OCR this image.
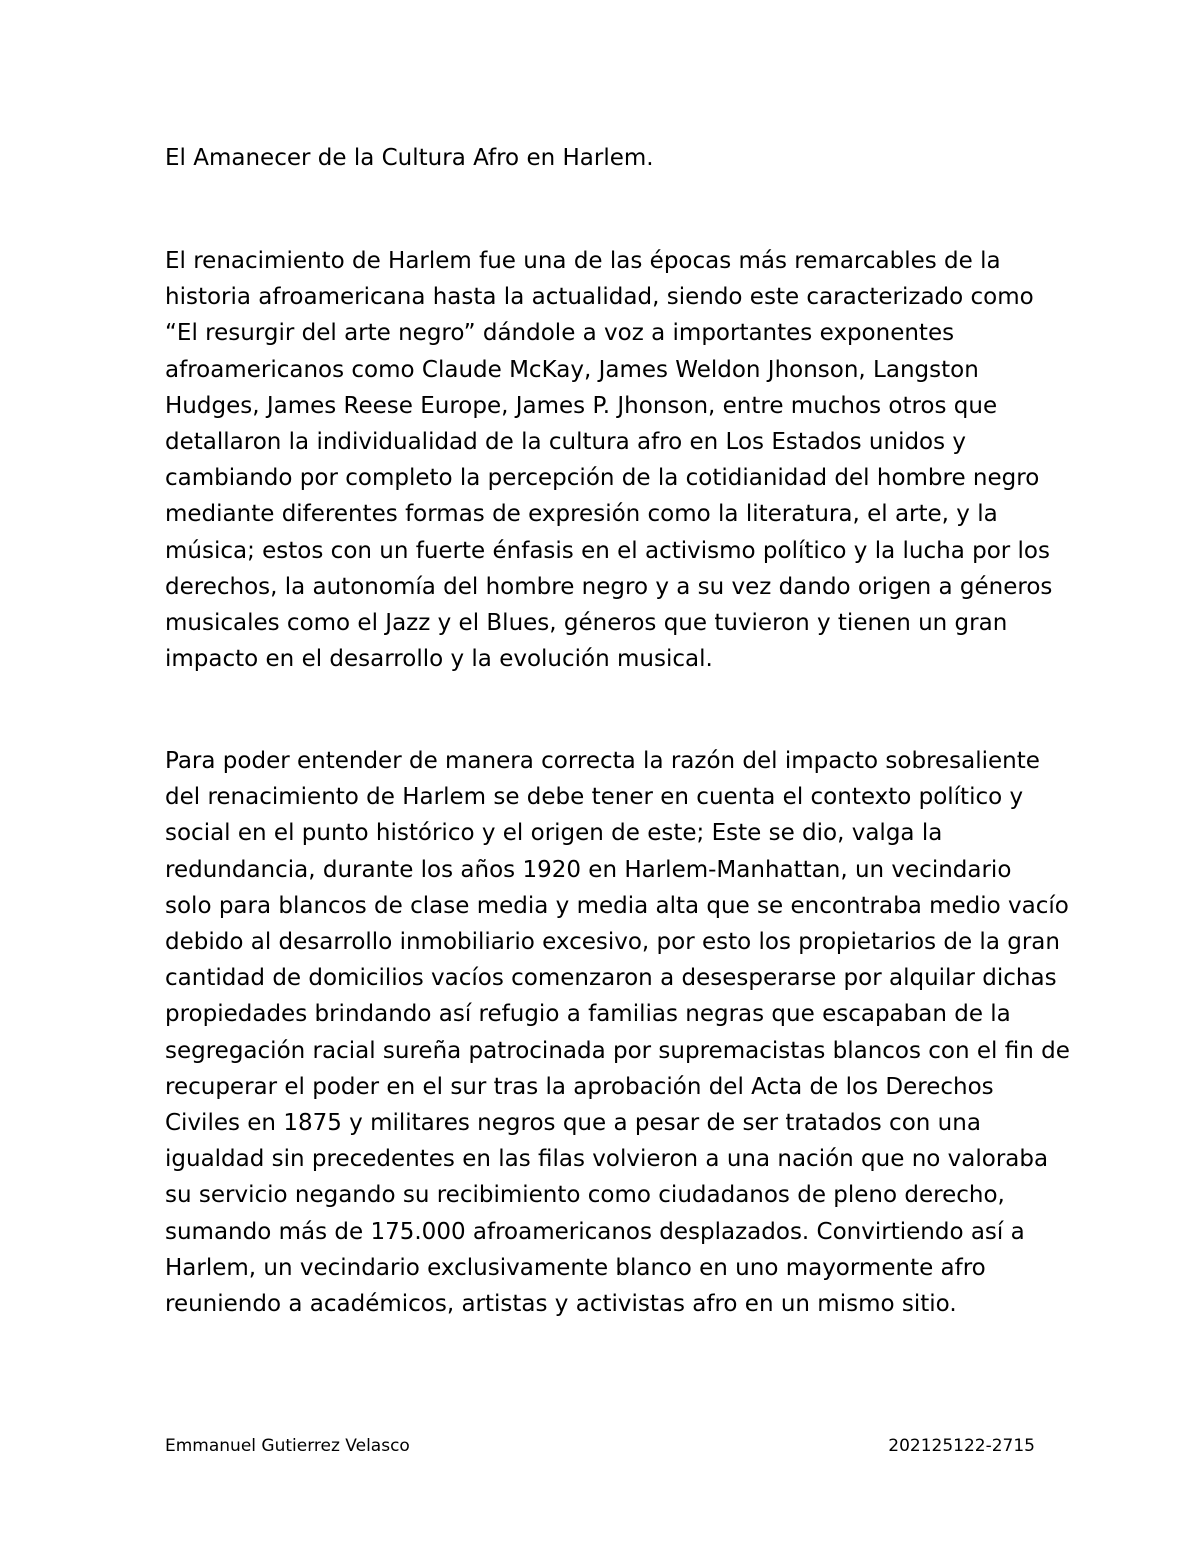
El Amanecer de la Cultura Afro en Harlem.

El renacimiento de Harlem fue una de las épocas más remarcables de la
historia afroamericana hasta la actualidad, siendo este caracterizado como
“El resurgir del arte negro” dándole a voz a importantes exponentes
afroamericanos como Claude McKay, James Weldon Jhonson, Langston
Hudges, James Reese Europe, James P. Jhonson, entre muchos otros que
detallaron la individualidad de la cultura afro en Los Estados unidos y
cambiando por completo la percepción de la cotidianidad del hombre negro
mediante diferentes formas de expresión como la literatura, el arte, y la
música; estos con un fuerte énfasis en el activismo político y la lucha por los
derechos, la autonomía del hombre negro y a su vez dando origen a géneros
musicales como el Jazz y el Blues, géneros que tuvieron y tienen un gran
impacto en el desarrollo y la evolución musical.

Para poder entender de manera correcta la razón del impacto sobresaliente
del renacimiento de Harlem se debe tener en cuenta el contexto político y
social en el punto histórico y el origen de este; Este se dio, valga la
redundancia, durante los años 1920 en Harlem-Manhattan, un vecindario
solo para blancos de clase media y media alta que se encontraba medio vacío
debido al desarrollo inmobiliario excesivo, por esto los propietarios de la gran
cantidad de domicilios vacíos comenzaron a desesperarse por alquilar dichas
propiedades brindando así refugio a familias negras que escapaban de la
segregación racial sureña patrocinada por supremacistas blancos con el fin de
recuperar el poder en el sur tras la aprobación del Acta de los Derechos
Civiles en 1875 y militares negros que a pesar de ser tratados con una
igualdad sin precedentes en las filas volvieron a una nación que no valoraba
su servicio negando su recibimiento como ciudadanos de pleno derecho,
sumando más de 175.000 afroamericanos desplazados. Convirtiendo así a
Harlem, un vecindario exclusivamente blanco en uno mayormente afro
reuniendo a académicos, artistas y activistas afro en un mismo sitio.

Emmanuel Gutierrez Velasco	202125122-2715
